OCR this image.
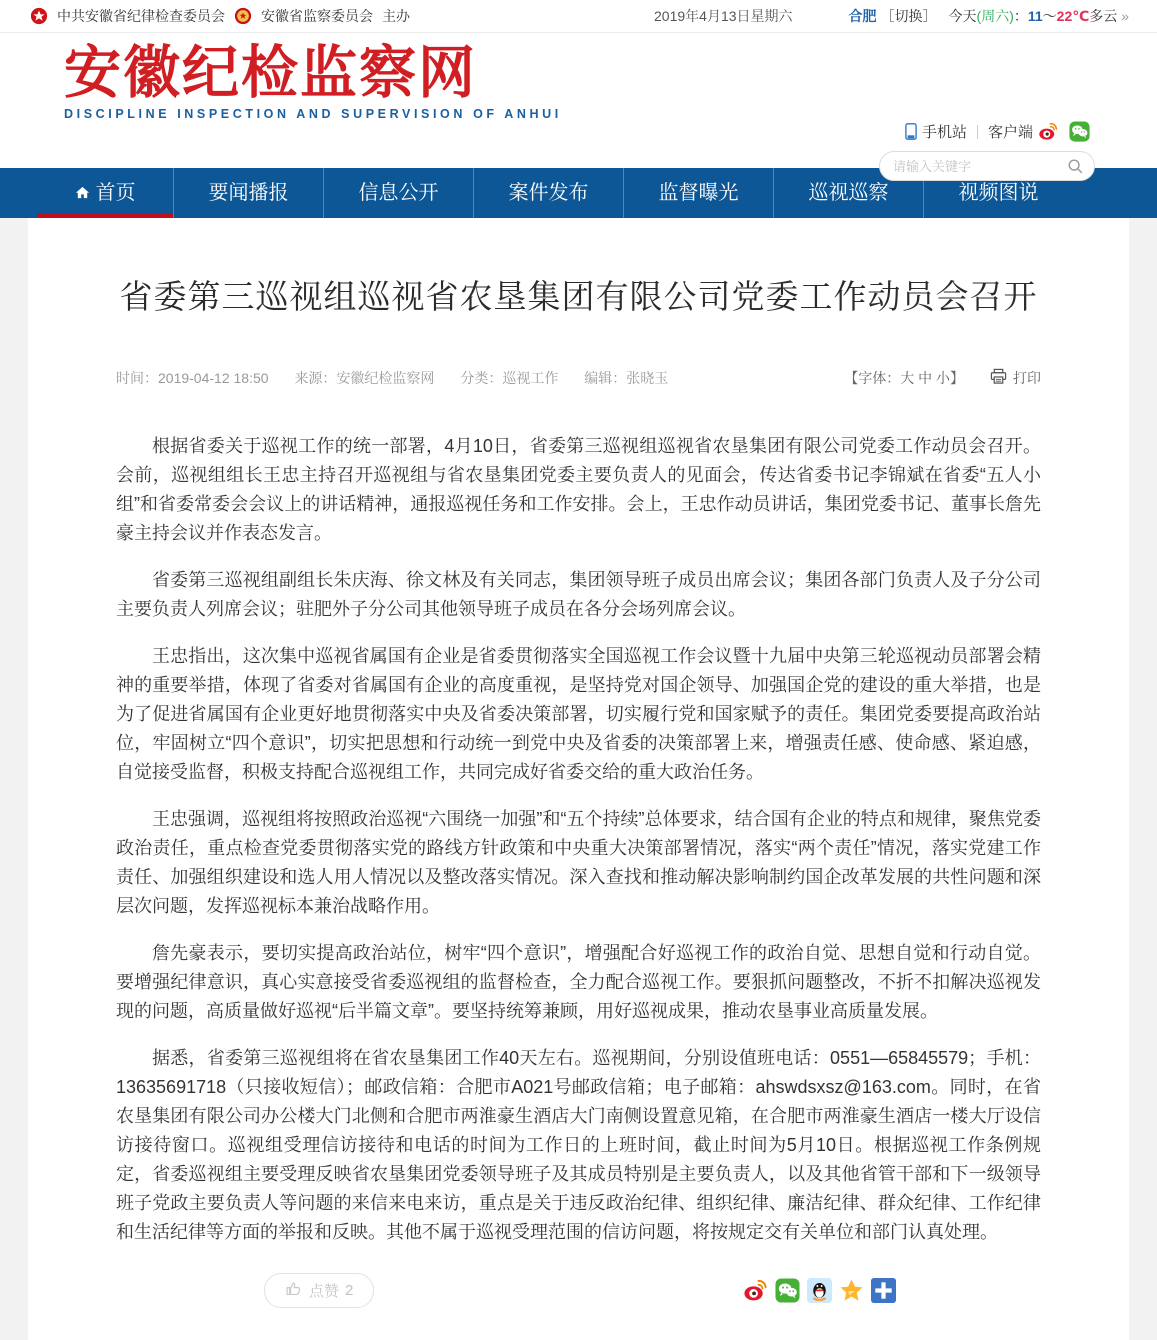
中共安徽省纪律检查委员会	安徽省监察委员会 主办	2019年4月13日星期六	合肥 ［切换］ 今天 (周六) ： 11 ～ 22℃ 多云 »
安徽纪检监察网
DISCIPLINE INSPECTION AND SUPERVISION OF ANHUI
手机站 客户端
请输入关键字
首页	要闻播报	信息公开	案件发布	监督曝光	巡视巡察	视频图说
省委第三巡视组巡视省农垦集团有限公司党委工作动员会召开
时间：2019-04-12 18:50 来源：安徽纪检监察网 分类：巡视工作 编辑：张晓玉	【字体：大 中 小】	打印

根据省委关于巡视工作的统一部署，4月10日，省委第三巡视组巡视省农垦集团有限公司党委工作动员会召开。会前，巡视组组长王忠主持召开巡视组与省农垦集团党委主要负责人的见面会，传达省委书记李锦斌在省委“五人小组”和省委常委会会议上的讲话精神，通报巡视任务和工作安排。会上，王忠作动员讲话，集团党委书记、董事长詹先豪主持会议并作表态发言。

省委第三巡视组副组长朱庆海、徐文林及有关同志，集团领导班子成员出席会议；集团各部门负责人及子分公司主要负责人列席会议；驻肥外子分公司其他领导班子成员在各分会场列席会议。

王忠指出，这次集中巡视省属国有企业是省委贯彻落实全国巡视工作会议暨十九届中央第三轮巡视动员部署会精神的重要举措，体现了省委对省属国有企业的高度重视，是坚持党对国企领导、加强国企党的建设的重大举措，也是为了促进省属国有企业更好地贯彻落实中央及省委决策部署，切实履行党和国家赋予的责任。集团党委要提高政治站位，牢固树立“四个意识”，切实把思想和行动统一到党中央及省委的决策部署上来，增强责任感、使命感、紧迫感，自觉接受监督，积极支持配合巡视组工作，共同完成好省委交给的重大政治任务。

王忠强调，巡视组将按照政治巡视“六围绕一加强”和“五个持续”总体要求，结合国有企业的特点和规律，聚焦党委政治责任，重点检查党委贯彻落实党的路线方针政策和中央重大决策部署情况，落实“两个责任”情况，落实党建工作责任、加强组织建设和选人用人情况以及整改落实情况。深入查找和推动解决影响制约国企改革发展的共性问题和深层次问题，发挥巡视标本兼治战略作用。

詹先豪表示，要切实提高政治站位，树牢“四个意识”，增强配合好巡视工作的政治自觉、思想自觉和行动自觉。要增强纪律意识，真心实意接受省委巡视组的监督检查，全力配合巡视工作。要狠抓问题整改，不折不扣解决巡视发现的问题，高质量做好巡视“后半篇文章”。要坚持统筹兼顾，用好巡视成果，推动农垦事业高质量发展。

据悉，省委第三巡视组将在省农垦集团工作40天左右。巡视期间，分别设值班电话：0551—65845579；手机：13635691718（只接收短信）；邮政信箱：合肥市A021号邮政信箱；电子邮箱：ahswdsxsz@163.com。同时，在省农垦集团有限公司办公楼大门北侧和合肥市两淮豪生酒店大门南侧设置意见箱，在合肥市两淮豪生酒店一楼大厅设信访接待窗口。巡视组受理信访接待和电话的时间为工作日的上班时间，截止时间为5月10日。根据巡视工作条例规定，省委巡视组主要受理反映省农垦集团党委领导班子及其成员特别是主要负责人，以及其他省管干部和下一级领导班子党政主要负责人等问题的来信来电来访，重点是关于违反政治纪律、组织纪律、廉洁纪律、群众纪律、工作纪律和生活纪律等方面的举报和反映。其他不属于巡视受理范围的信访问题，将按规定交有关单位和部门认真处理。

点赞 2
